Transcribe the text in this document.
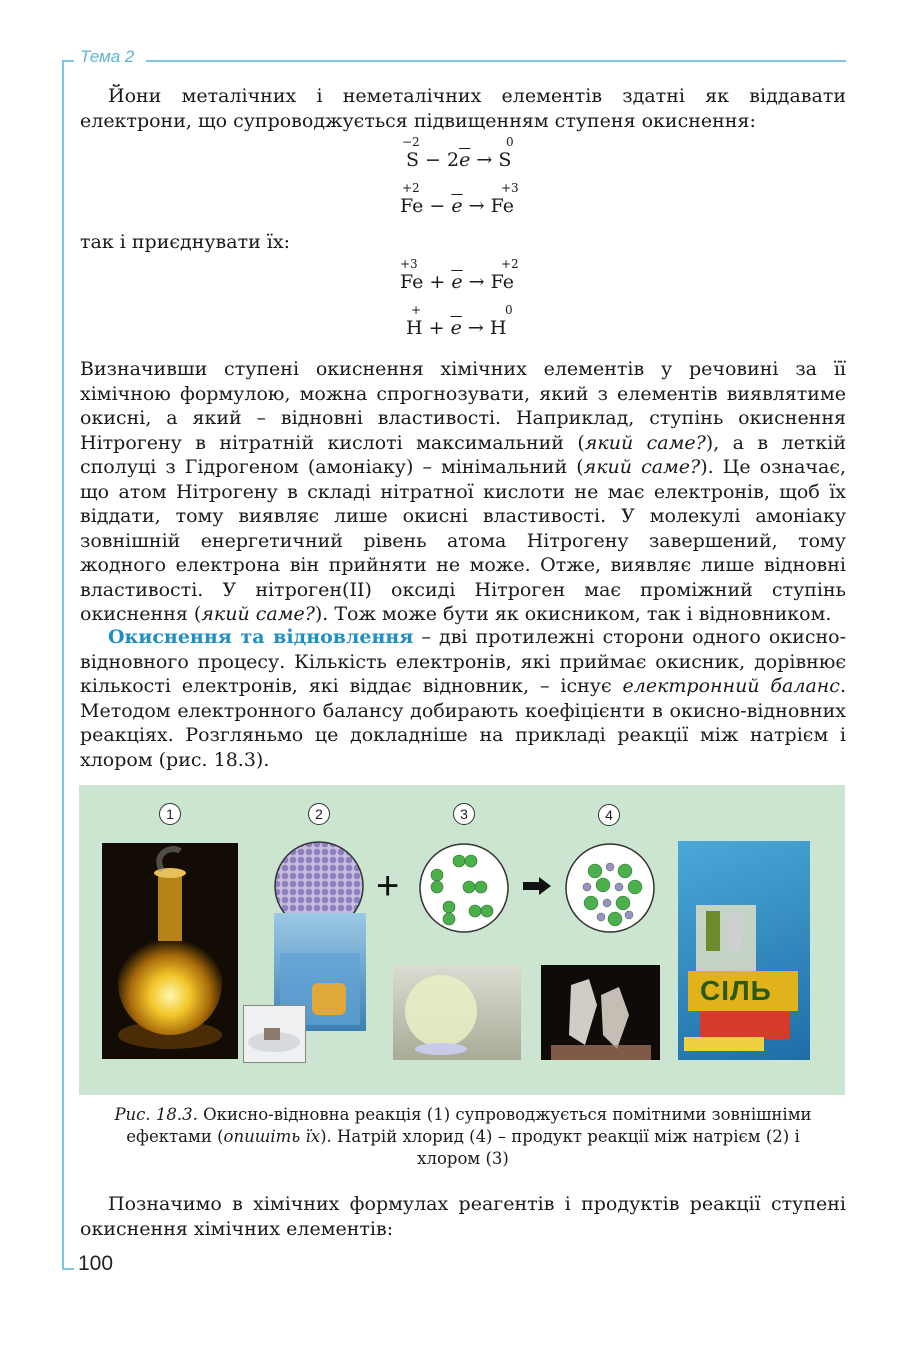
Тема 2
100
Йони металічних і неметалічних елементів здатні як віддавати електрони, що супроводжується підвищенням ступеня окиснення:
−2	0
$S - 2\overline{e} \to S$
+2	+3
$Fe - \overline{e} \to Fe$
так і приєднувати їх:
+3	+2
$Fe + \overline{e} \to Fe$
+	0
$H + \overline{e} \to H$
Визначивши ступені окиснення хімічних елементів у речовині за її хімічною формулою, можна спрогнозувати, який з елементів виявлятиме окисні, а який – відновні властивості. Наприклад, ступінь окиснення Нітрогену в нітратній кислоті максимальний (який саме?), а в леткій сполуці з Гідрогеном (амоніаку) – мінімальний (який саме?). Це означає, що атом Нітрогену в складі нітратної кислоти не має електронів, щоб їх віддати, тому виявляє лише окисні властивості. У молекулі амоніаку зовнішній енергетичний рівень атома Нітрогену завершений, тому жодного електрона він прийняти не може. Отже, виявляє лише відновні властивості. У нітроген(ІІ) оксиді Нітроген має проміжний ступінь окиснення (який саме?). Тож може бути як окисником, так і відновником.
Окиснення та відновлення – дві протилежні сторони одного окисно-відновного процесу. Кількість електронів, які приймає окисник, дорівнює кількості електронів, які віддає відновник, – існує електронний баланс. Методом електронного балансу добирають коефіцієнти в окисно-відновних реакціях. Розгляньмо це докладніше на прикладі реакції між натрієм і хлором (рис. 18.3).
1	2	3	4
+
СІЛЬ
Рис. 18.3. Окисно-відновна реакція (1) супроводжується помітними зовнішніми ефектами (опишіть їх). Натрій хлорид (4) – продукт реакції між натрієм (2) і хлором (3)
Позначимо в хімічних формулах реагентів і продуктів реакції ступені окиснення хімічних елементів:
